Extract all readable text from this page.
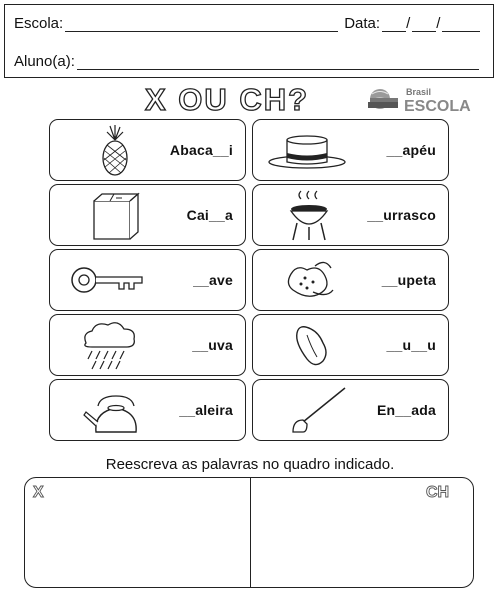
Escola:	Data: / /
Aluno(a):
X OU CH?	Brasil
ESCOLA
Abaca__i	__apéu
Cai__a	__urrasco
__ave	__upeta
__uva	__u__u
__aleira	En__ada
Reescreva as palavras no quadro indicado.
X	CH
